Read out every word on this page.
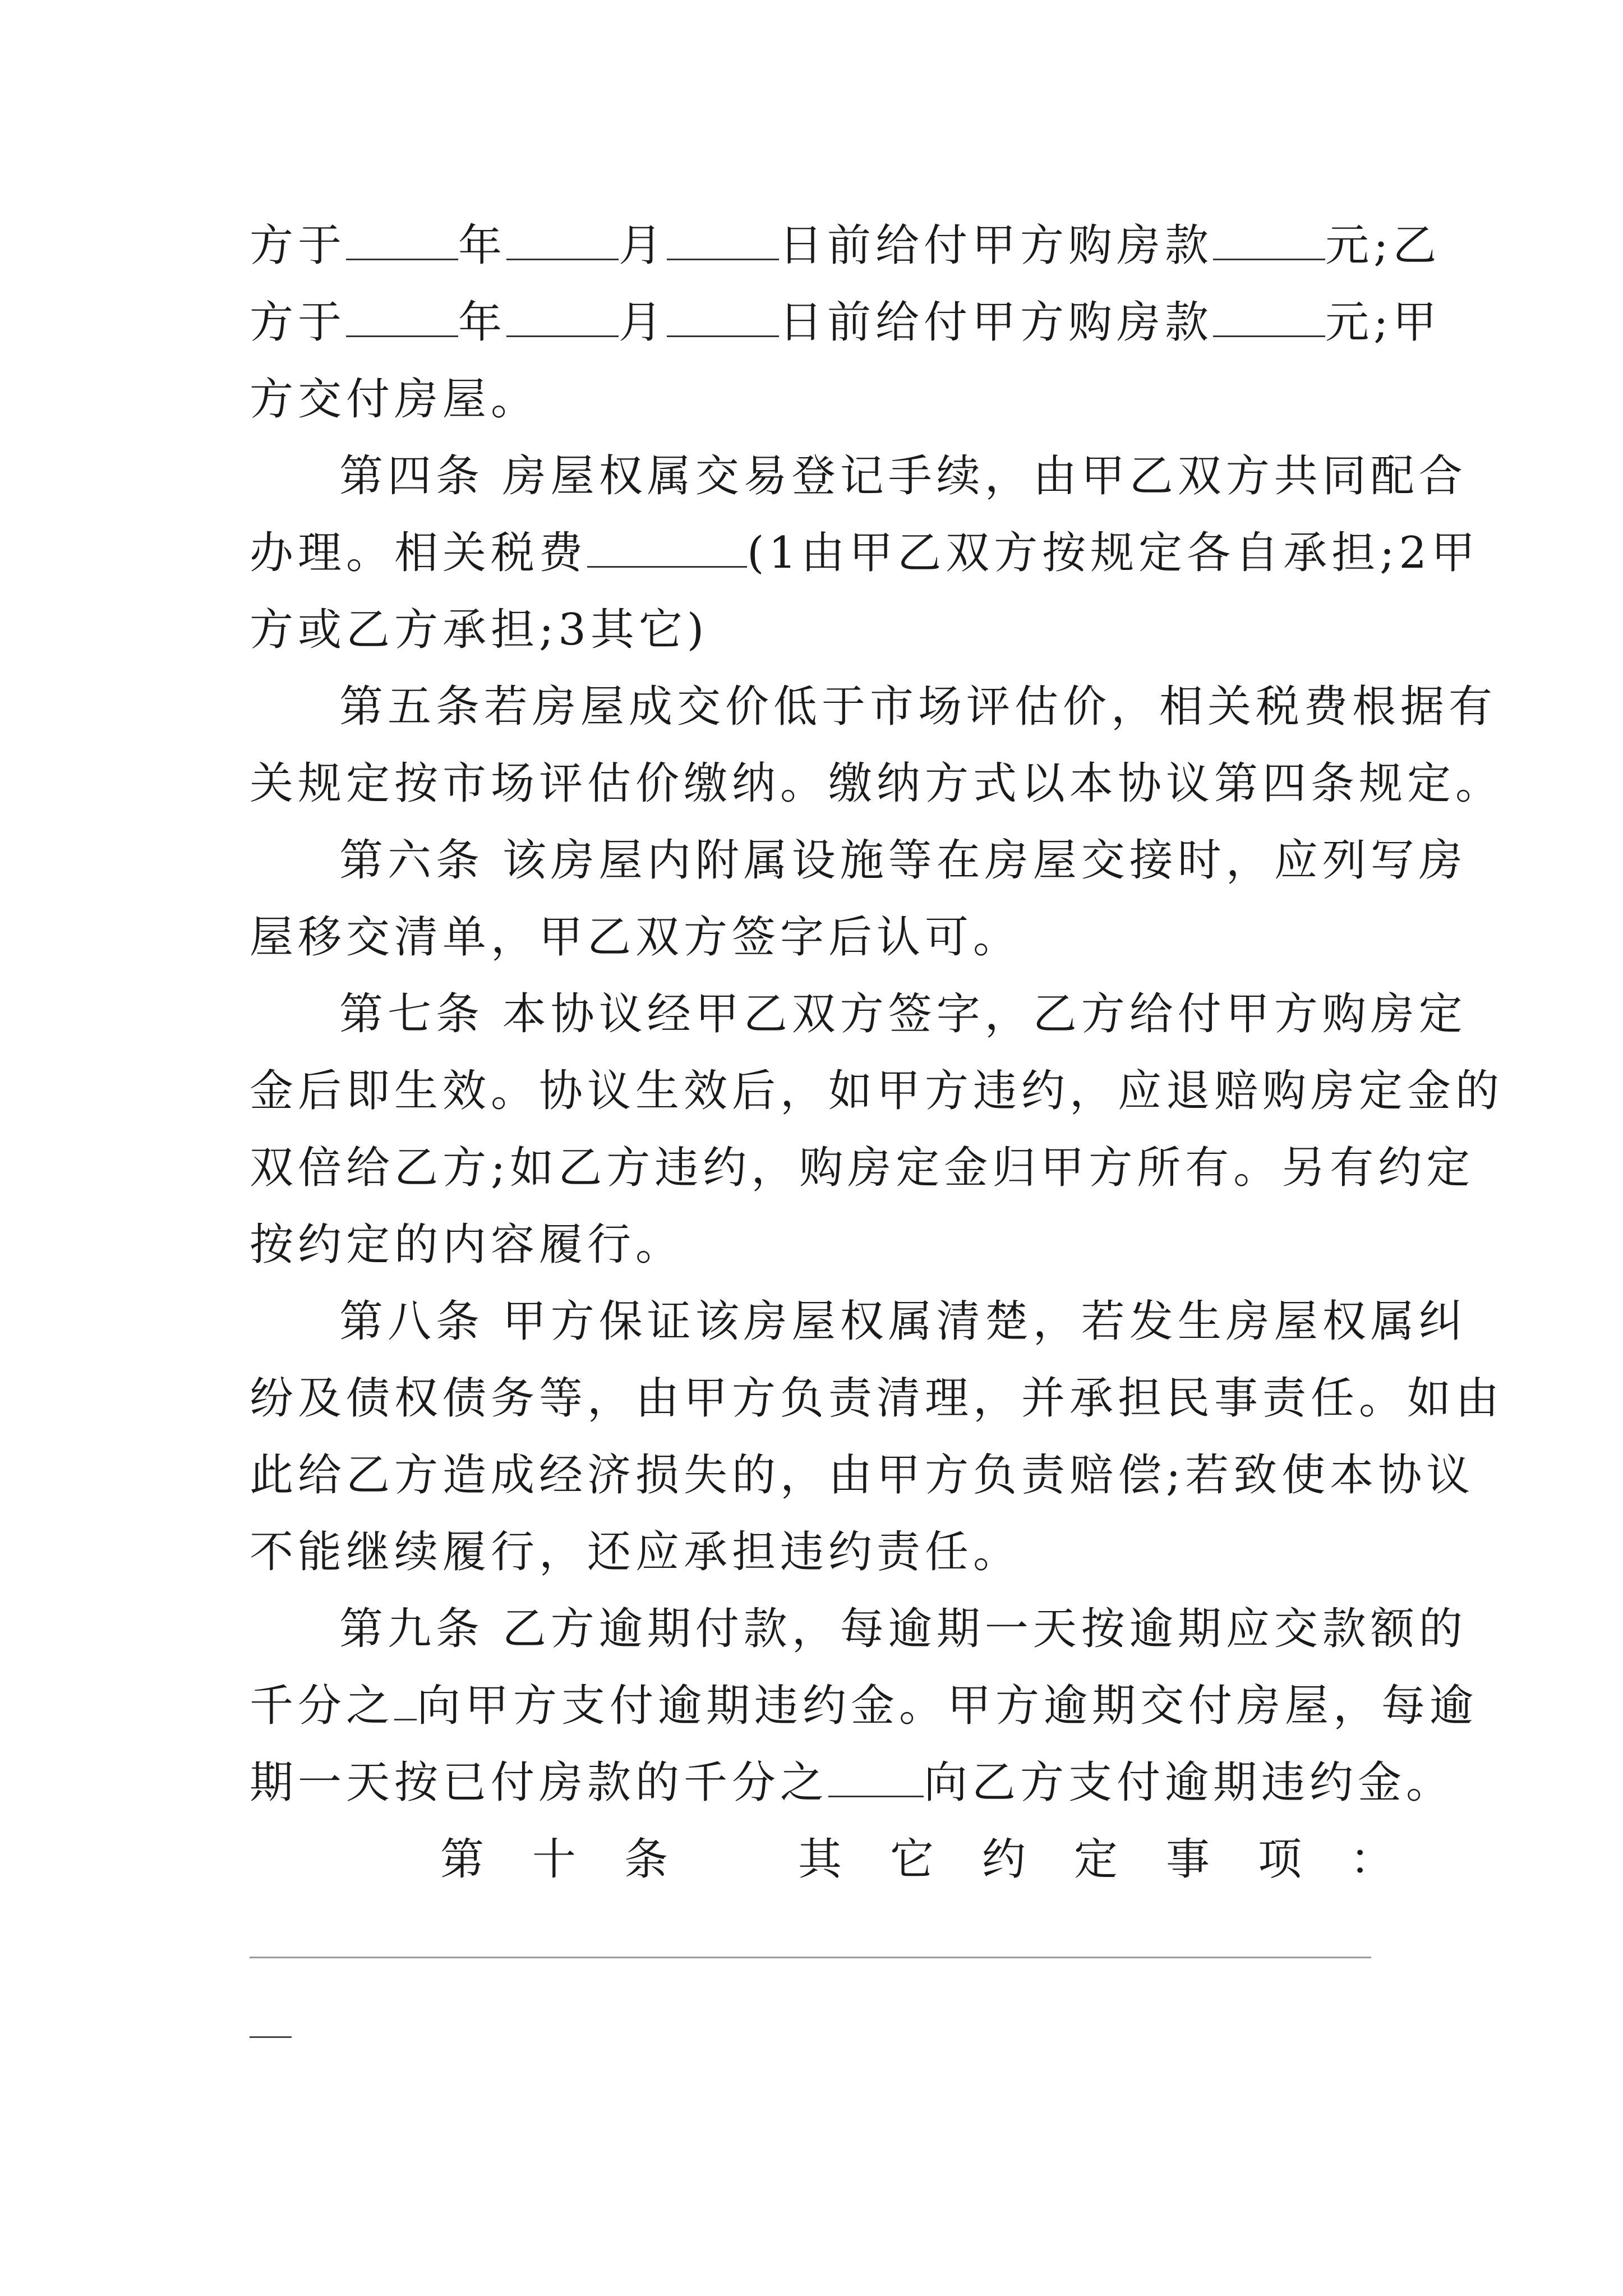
方于	年	月	日前给付甲方购房款	元;乙
方于	年	月	日前给付甲方购房款	元;甲
方交付房屋。
第四条 房屋权属交易登记手续，由甲乙双方共同配合
办理。相关税费	(1由甲乙双方按规定各自承担;2甲
方或乙方承担;3其它)
第五条若房屋成交价低于市场评估价，相关税费根据有
关规定按市场评估价缴纳。缴纳方式以本协议第四条规定。
第六条 该房屋内附属设施等在房屋交接时，应列写房
屋移交清单，甲乙双方签字后认可。
第七条 本协议经甲乙双方签字，乙方给付甲方购房定
金后即生效。协议生效后，如甲方违约，应退赔购房定金的
双倍给乙方;如乙方违约，购房定金归甲方所有。另有约定
按约定的内容履行。
第八条 甲方保证该房屋权属清楚，若发生房屋权属纠
纷及债权债务等，由甲方负责清理，并承担民事责任。如由
此给乙方造成经济损失的，由甲方负责赔偿;若致使本协议
不能继续履行，还应承担违约责任。
第九条 乙方逾期付款，每逾期一天按逾期应交款额的
千分之 向甲方支付逾期违约金。甲方逾期交付房屋，每逾
期一天按已付房款的千分之 向乙方支付逾期违约金。
第 十 条	其 它 约 定 事 项 ：
